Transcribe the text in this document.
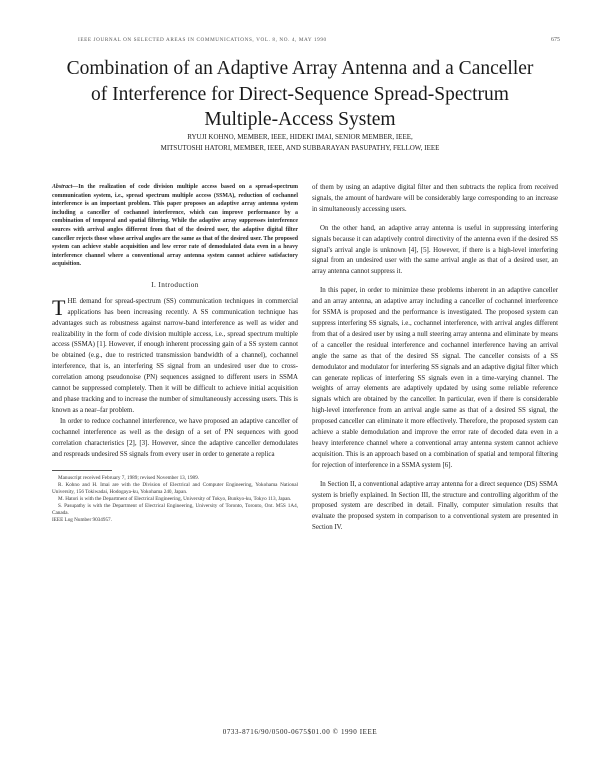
IEEE JOURNAL ON SELECTED AREAS IN COMMUNICATIONS, VOL. 8, NO. 4, MAY 1990	675
Combination of an Adaptive Array Antenna and a Canceller of Interference for Direct-Sequence Spread-Spectrum Multiple-Access System
RYUJI KOHNO, MEMBER, IEEE, HIDEKI IMAI, SENIOR MEMBER, IEEE,
MITSUTOSHI HATORI, MEMBER, IEEE, AND SUBBARAYAN PASUPATHY, FELLOW, IEEE
Abstract—In the realization of code division multiple access based on a spread-spectrum communication system, i.e., spread spectrum multiple access (SSMA), reduction of cochannel interference is an important problem. This paper proposes an adaptive array antenna system including a canceller of cochannel interference, which can improve performance by a combination of temporal and spatial filtering. While the adaptive array suppresses interference sources with arrival angles different from that of the desired user, the adaptive digital filter canceller rejects those whose arrival angles are the same as that of the desired user. The proposed system can achieve stable acquisition and low error rate of demodulated data even in a heavy interference channel where a conventional array antenna system cannot achieve satisfactory acquisition.
I. Introduction

THE demand for spread-spectrum (SS) communication techniques in commercial applications has been increasing recently. A SS communication technique has advantages such as robustness against narrow-band interference as well as wider and realizability in the form of code division multiple access, i.e., spread spectrum multiple access (SSMA) [1]. However, if enough inherent processing gain of a SS system cannot be obtained (e.g., due to restricted transmission bandwidth of a channel), cochannel interference, that is, an interfering SS signal from an undesired user due to cross-correlation among pseudonoise (PN) sequences assigned to different users in SSMA cannot be suppressed completely. Then it will be difficult to achieve initial acquisition and phase tracking and to increase the number of simultaneously accessing users. This is known as a near–far problem.

In order to reduce cochannel interference, we have proposed an adaptive canceller of cochannel interference as well as the design of a set of PN sequences with good correlation characteristics [2], [3]. However, since the adaptive canceller demodulates and respreads undesired SS signals from every user in order to generate a replica

Manuscript received February 7, 1989; revised November 13, 1989.
R. Kohno and H. Imai are with the Division of Electrical and Computer Engineering, Yokohama National University, 156 Tokiwadai, Hodogaya-ku, Yokohama 240, Japan.
M. Hatori is with the Department of Electrical Engineering, University of Tokyo, Bunkyo-ku, Tokyo 113, Japan.
S. Pasupathy is with the Department of Electrical Engineering, University of Toronto, Toronto, Ont. M5S 1A4, Canada.
IEEE Log Number 9034957.

of them by using an adaptive digital filter and then subtracts the replica from received signals, the amount of hardware will be considerably large corresponding to an increase in simultaneously accessing users.

On the other hand, an adaptive array antenna is useful in suppressing interfering signals because it can adaptively control directivity of the antenna even if the desired SS signal's arrival angle is unknown [4], [5]. However, if there is a high-level interfering signal from an undesired user with the same arrival angle as that of a desired user, an array antenna cannot suppress it.

In this paper, in order to minimize these problems inherent in an adaptive canceller and an array antenna, an adaptive array including a canceller of cochannel interference for SSMA is proposed and the performance is investigated. The proposed system can suppress interfering SS signals, i.e., cochannel interference, with arrival angles different from that of a desired user by using a null steering array antenna and eliminate by means of a canceller the residual interference and cochannel interference having an arrival angle the same as that of the desired SS signal. The canceller consists of a SS demodulator and modulator for interfering SS signals and an adaptive digital filter which can generate replicas of interfering SS signals even in a time-varying channel. The weights of array elements are adaptively updated by using some reliable reference signals which are obtained by the canceller. In particular, even if there is considerable high-level interference from an arrival angle same as that of a desired SS signal, the proposed canceller can eliminate it more effectively. Therefore, the proposed system can achieve a stable demodulation and improve the error rate of decoded data even in a heavy interference channel where a conventional array antenna system cannot achieve acquisition. This is an approach based on a combination of spatial and temporal filtering for rejection of interference in a SSMA system [6].

In Section II, a conventional adaptive array antenna for a direct sequence (DS) SSMA system is briefly explained. In Section III, the structure and controlling algorithm of the proposed system are described in detail. Finally, computer simulation results that evaluate the proposed system in comparison to a conventional system are presented in Section IV.

0733-8716/90/0500-0675$01.00 © 1990 IEEE
